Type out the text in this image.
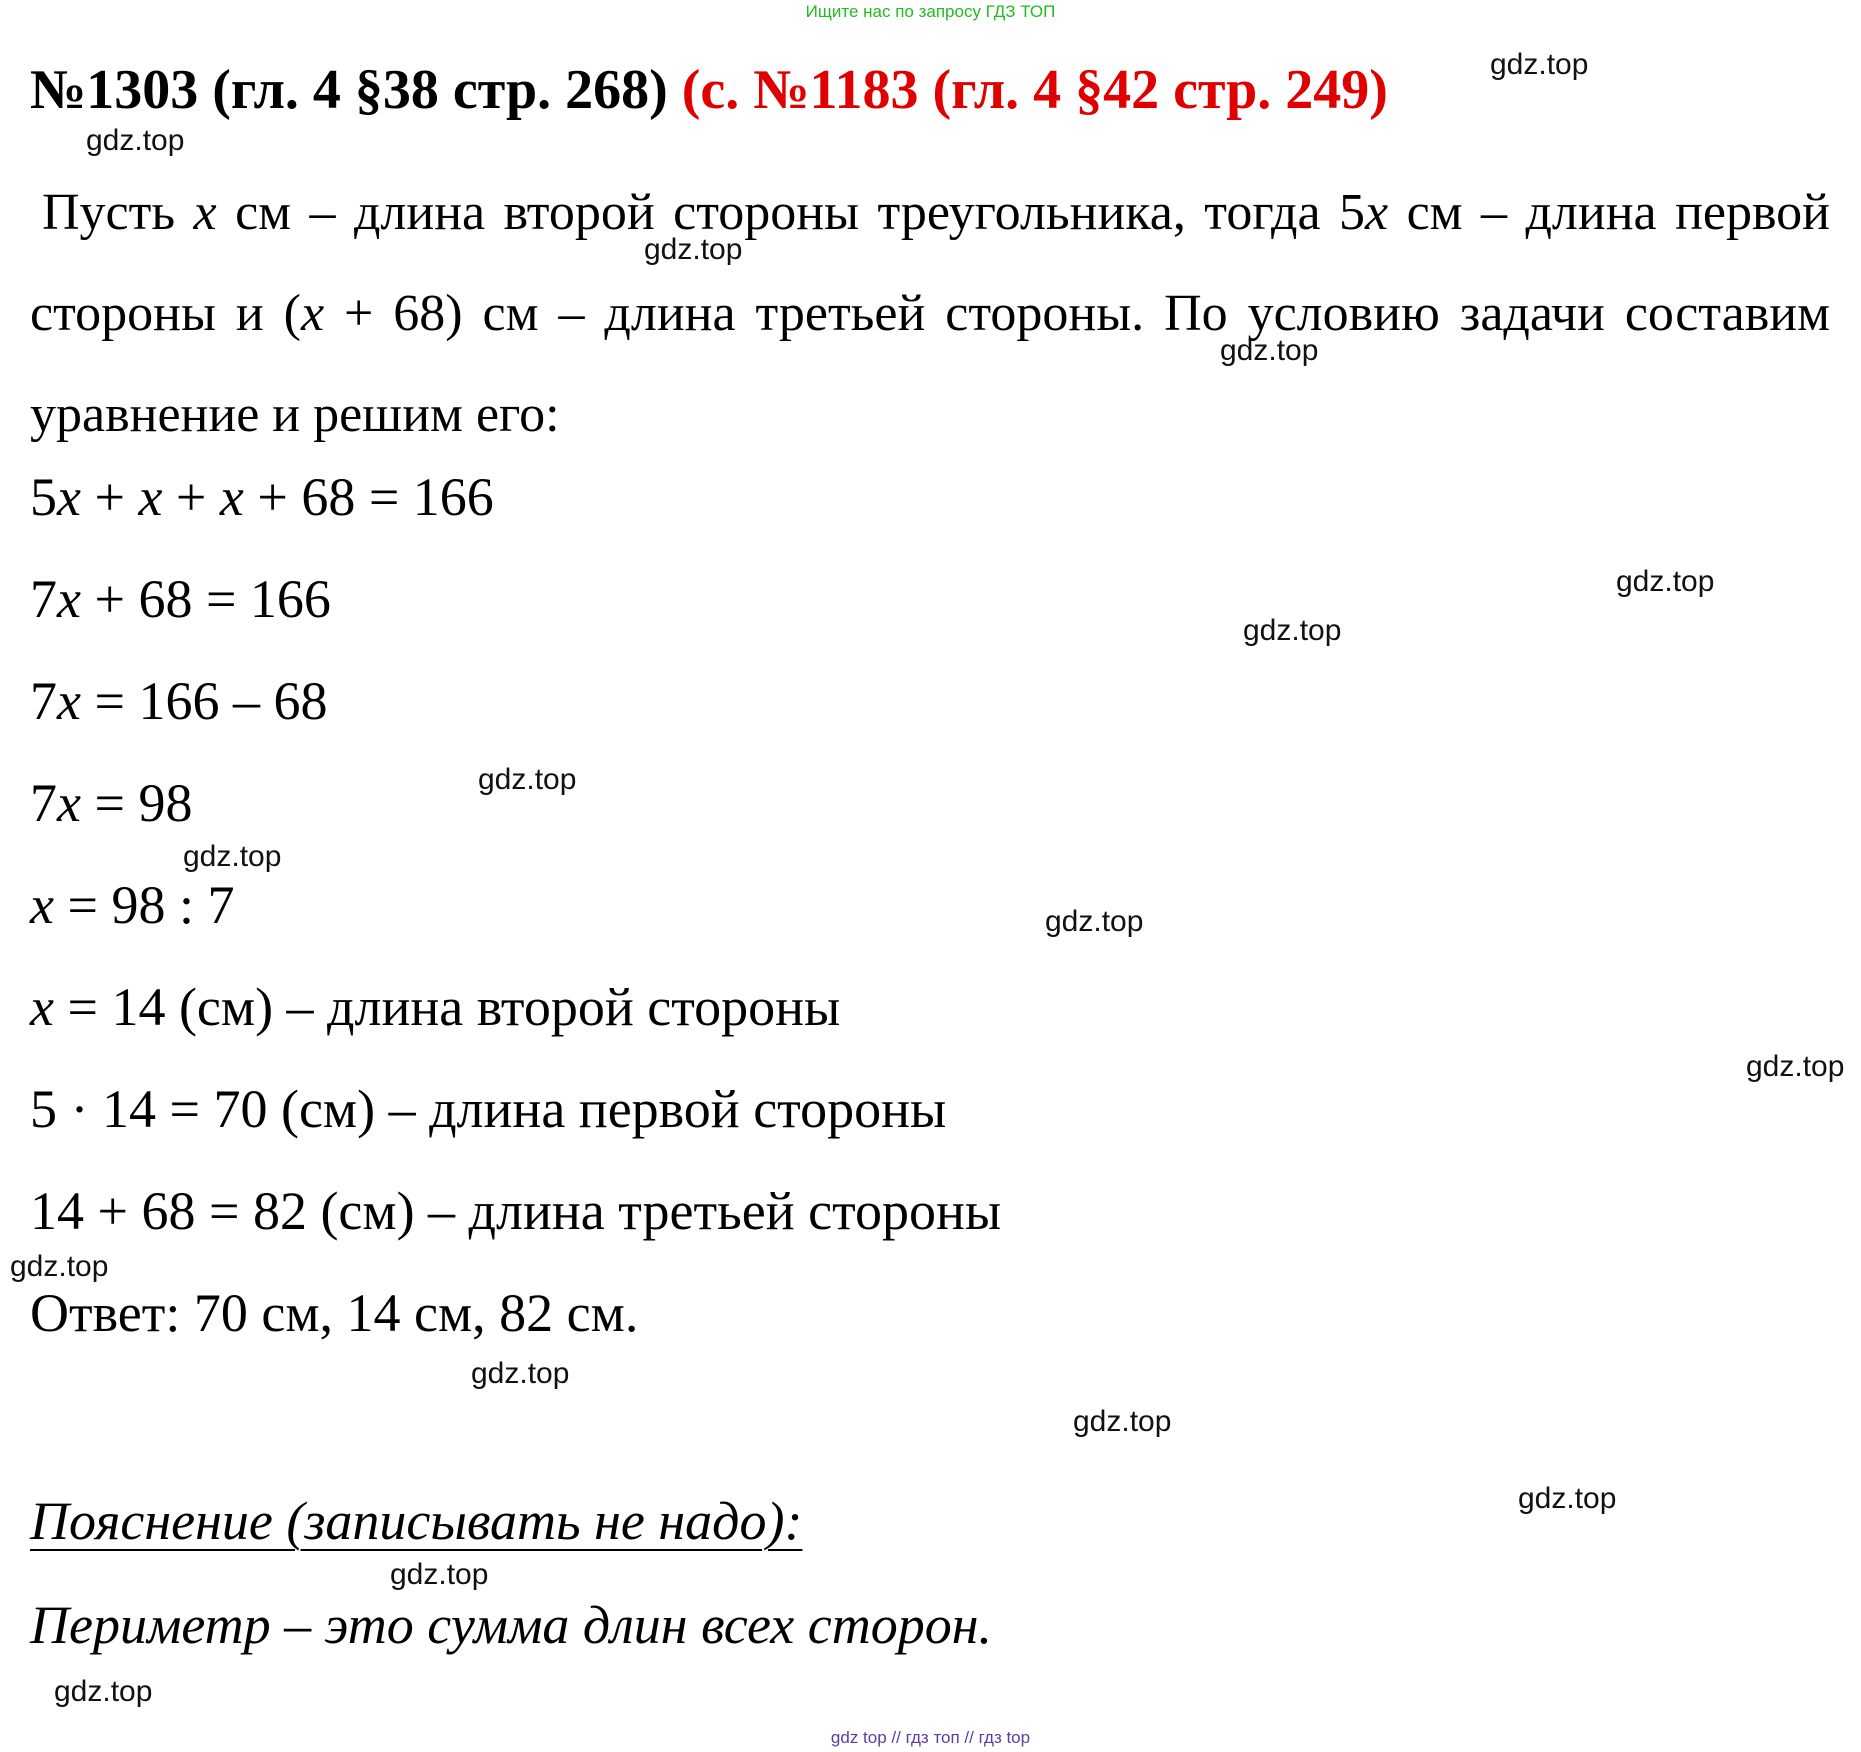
Ищите нас по запросу ГДЗ ТОП
№1303 (гл. 4 §38 стр. 268) (с. №1183 (гл. 4 §42 стр. 249)

Пусть x см – длина второй стороны треугольника, тогда 5x см – длина первой стороны и (x + 68) см – длина третьей стороны. По условию задачи составим уравнение и решим его:

5x + x + x + 68 = 166
7x + 68 = 166
7x = 166 – 68
7x = 98
x = 98 : 7
x = 14 (см) – длина второй стороны
5 · 14 = 70 (см) – длина первой стороны
14 + 68 = 82 (см) – длина третьей стороны
Ответ: 70 см, 14 см, 82 см.
Пояснение (записывать не надо):
Периметр – это сумма длин всех сторон.
gdz.top
gdz.top
gdz.top
gdz.top
gdz.top
gdz.top
gdz.top
gdz.top
gdz.top
gdz.top
gdz.top
gdz.top
gdz.top
gdz.top
gdz.top
gdz.top
gdz top // гдз топ // гдз top
